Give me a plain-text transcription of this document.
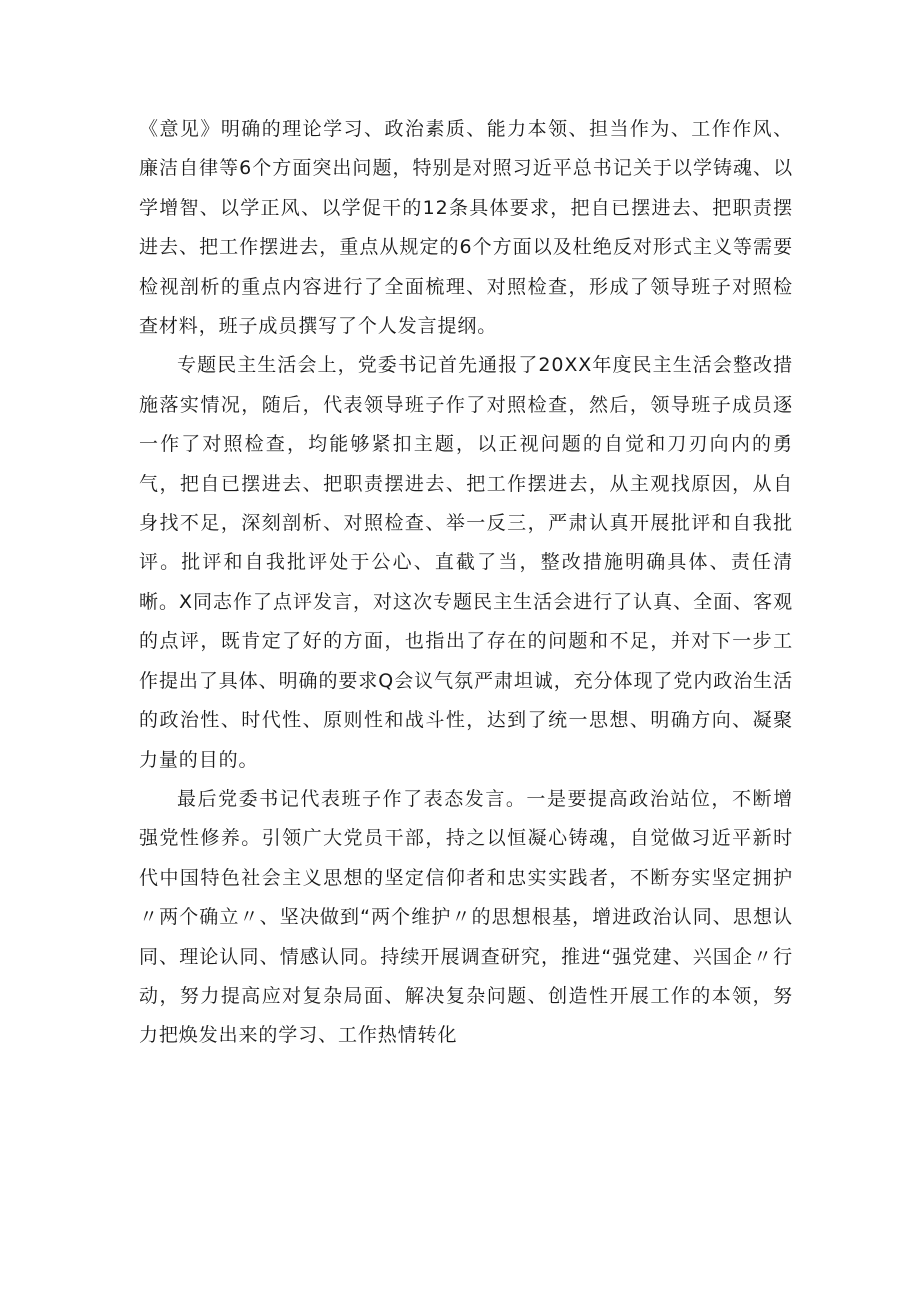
《意见》明确的理论学习、政治素质、能力本领、担当作为、工作作风、廉洁自律等6个方面突出问题，特别是对照习近平总书记关于以学铸魂、以学增智、以学正风、以学促干的12条具体要求，把自已摆进去、把职责摆进去、把工作摆进去，重点从规定的6个方面以及杜绝反对形式主义等需要检视剖析的重点内容进行了全面梳理、对照检查，形成了领导班子对照检查材料，班子成员撰写了个人发言提纲。

专题民主生活会上，党委书记首先通报了20XX年度民主生活会整改措施落实情况，随后，代表领导班子作了对照检查，然后，领导班子成员逐一作了对照检查，均能够紧扣主题，以正视问题的自觉和刀刃向内的勇气，把自已摆进去、把职责摆进去、把工作摆进去，从主观找原因，从自身找不足，深刻剖析、对照检查、举一反三，严肃认真开展批评和自我批评。批评和自我批评处于公心、直截了当，整改措施明确具体、责任清晰。X同志作了点评发言，对这次专题民主生活会进行了认真、全面、客观的点评，既肯定了好的方面，也指出了存在的问题和不足，并对下一步工作提出了具体、明确的要求Q会议气氛严肃坦诚，充分体现了党内政治生活的政治性、时代性、原则性和战斗性，达到了统一思想、明确方向、凝聚力量的目的。

最后党委书记代表班子作了表态发言。一是要提高政治站位，不断增强党性修养。引领广大党员干部，持之以恒凝心铸魂，自觉做习近平新时代中国特色社会主义思想的坚定信仰者和忠实实践者，不断夯实坚定拥护〃两个确立〃、坚决做到“两个维护〃的思想根基，增进政治认同、思想认同、理论认同、情感认同。持续开展调查研究，推进“强党建、兴国企〃行动，努力提高应对复杂局面、解决复杂问题、创造性开展工作的本领，努力把焕发出来的学习、工作热情转化
